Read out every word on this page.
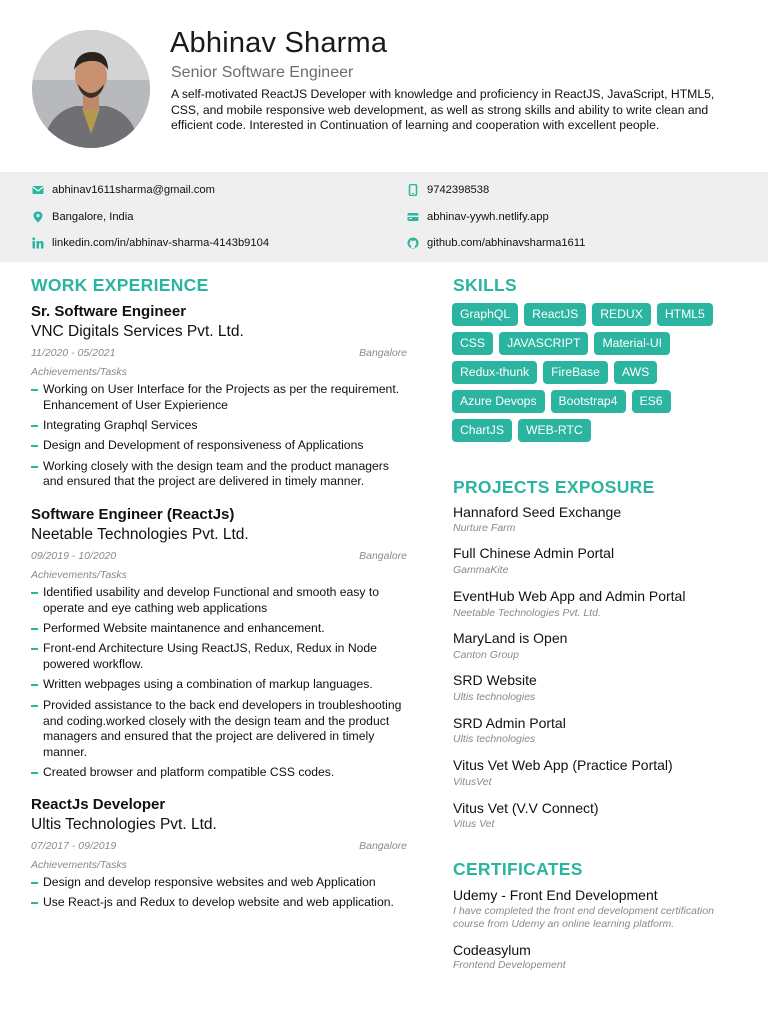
Abhinav Sharma
Senior Software Engineer
A self-motivated ReactJS Developer with knowledge and proficiency in ReactJS, JavaScript, HTML5, CSS, and mobile responsive web development, as well as strong skills and ability to write clean and efficient code. Interested in Continuation of learning and cooperation with excellent people.
abhinav1611sharma@gmail.com	9742398538
Bangalore, India	abhinav-yywh.netlify.app
linkedin.com/in/abhinav-sharma-4143b9104	github.com/abhinavsharma1611
WORK EXPERIENCE
Sr. Software Engineer
VNC Digitals Services Pvt. Ltd.
11/2020 - 05/2021	Bangalore
Achievements/Tasks
Working on User Interface for the Projects as per the requirement. Enhancement of User Expierience
Integrating Graphql Services
Design and Development of responsiveness of Applications
Working closely with the design team and the product managers and ensured that the project are delivered in timely manner.
Software Engineer (ReactJs)
Neetable Technologies Pvt. Ltd.
09/2019 - 10/2020	Bangalore
Achievements/Tasks
Identified usability and develop Functional and smooth easy to operate and eye cathing web applications
Performed Website maintanence and enhancement.
Front-end Architecture Using ReactJS, Redux, Redux in Node powered workflow.
Written webpages using a combination of markup languages.
Provided assistance to the back end developers in troubleshooting and coding.worked closely with the design team and the product managers and ensured that the project are delivered in timely manner.
Created browser and platform compatible CSS codes.
ReactJs Developer
Ultis Technologies Pvt. Ltd.
07/2017 - 09/2019	Bangalore
Achievements/Tasks
Design and develop responsive websites and web Application
Use React-js and Redux to develop website and web application.
SKILLS
GraphQL ReactJS REDUX HTML5CSS JAVASCRIPT Material-UIRedux-thunk FireBase AWSAzure Devops Bootstrap4 ES6ChartJS WEB-RTC
PROJECTS EXPOSURE
Hannaford Seed Exchange
Nurture Farm
Full Chinese Admin Portal
GammaKite
EventHub Web App and Admin Portal
Neetable Technologies Pvt. Ltd.
MaryLand is Open
Canton Group
SRD Website
Ultis technologies
SRD Admin Portal
Ultis technologies
Vitus Vet Web App (Practice Portal)
VitusVet
Vitus Vet (V.V Connect)
Vitus Vet
CERTIFICATES
Udemy - Front End Development
I have completed the front end development certification course from Udemy an online learning platform.
Codeasylum
Frontend Developement
